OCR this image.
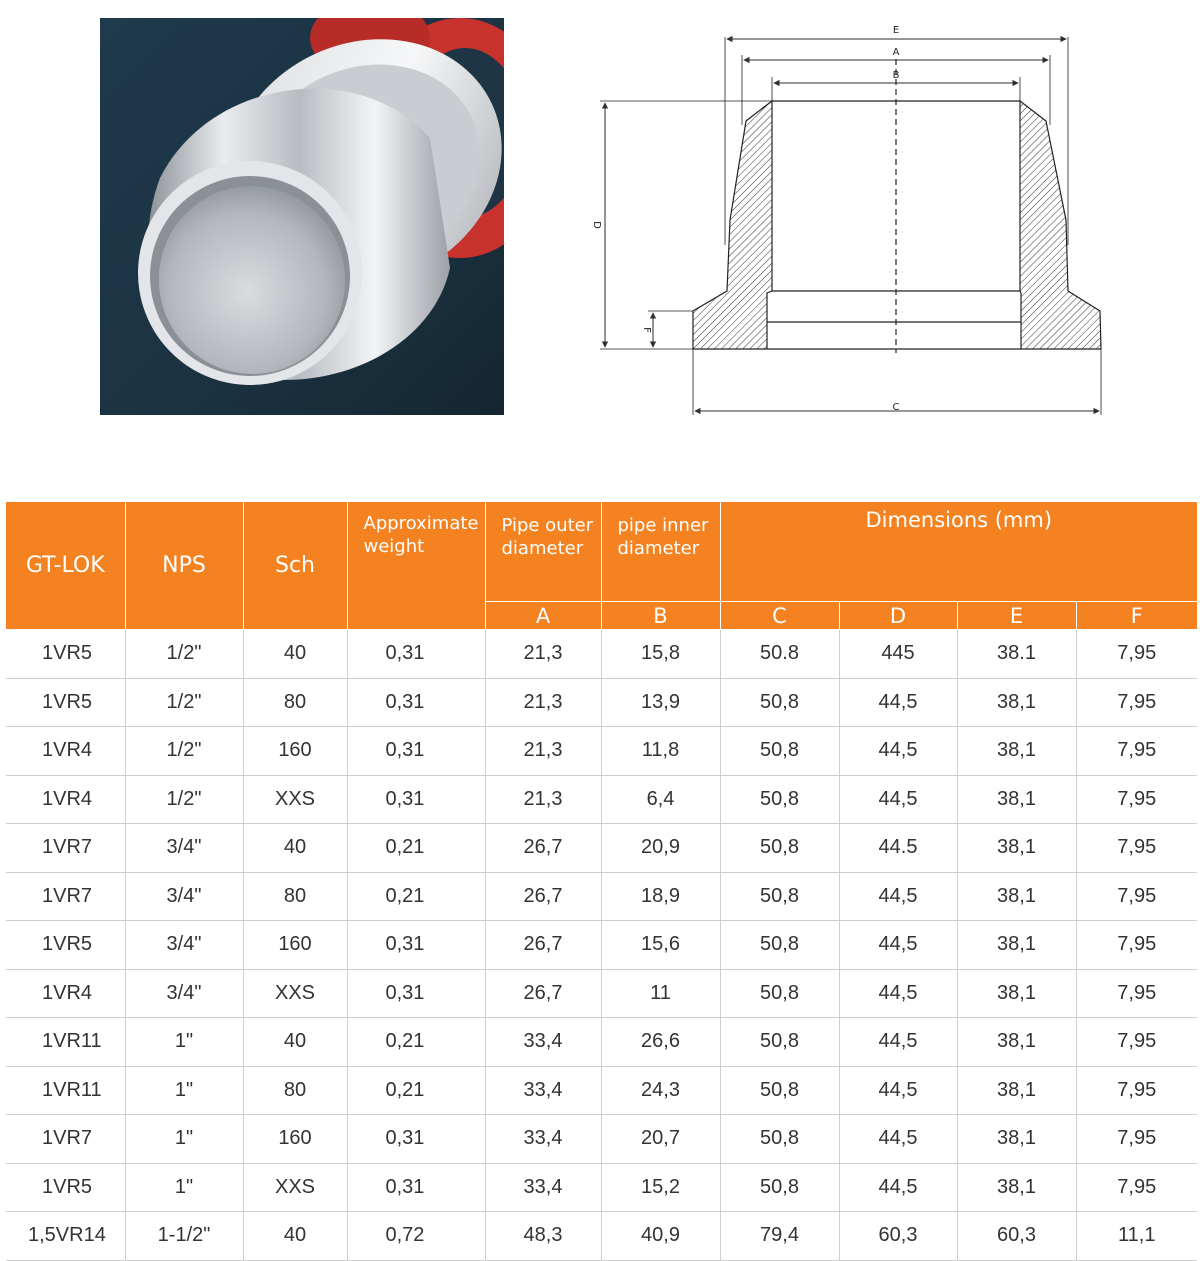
E
A
B
C
D
F
GT-LOK	NPS	Sch	Approximate weight	Pipe outer diameter	pipe inner diameter	Dimensions (mm)			
				A	B	C	D	E	F
1VR5	1/2"	40	0,31	21,3	15,8	50.8	445	38.1	7,95
1VR5	1/2"	80	0,31	21,3	13,9	50,8	44,5	38,1	7,95
1VR4	1/2"	160	0,31	21,3	11,8	50,8	44,5	38,1	7,95
1VR4	1/2"	XXS	0,31	21,3	6,4	50,8	44,5	38,1	7,95
1VR7	3/4"	40	0,21	26,7	20,9	50,8	44.5	38,1	7,95
1VR7	3/4"	80	0,21	26,7	18,9	50,8	44,5	38,1	7,95
1VR5	3/4"	160	0,31	26,7	15,6	50,8	44,5	38,1	7,95
1VR4	3/4"	XXS	0,31	26,7	11	50,8	44,5	38,1	7,95
1VR11	1"	40	0,21	33,4	26,6	50,8	44,5	38,1	7,95
1VR11	1"	80	0,21	33,4	24,3	50,8	44,5	38,1	7,95
1VR7	1"	160	0,31	33,4	20,7	50,8	44,5	38,1	7,95
1VR5	1"	XXS	0,31	33,4	15,2	50,8	44,5	38,1	7,95
1,5VR14	1-1/2"	40	0,72	48,3	40,9	79,4	60,3	60,3	11,1
